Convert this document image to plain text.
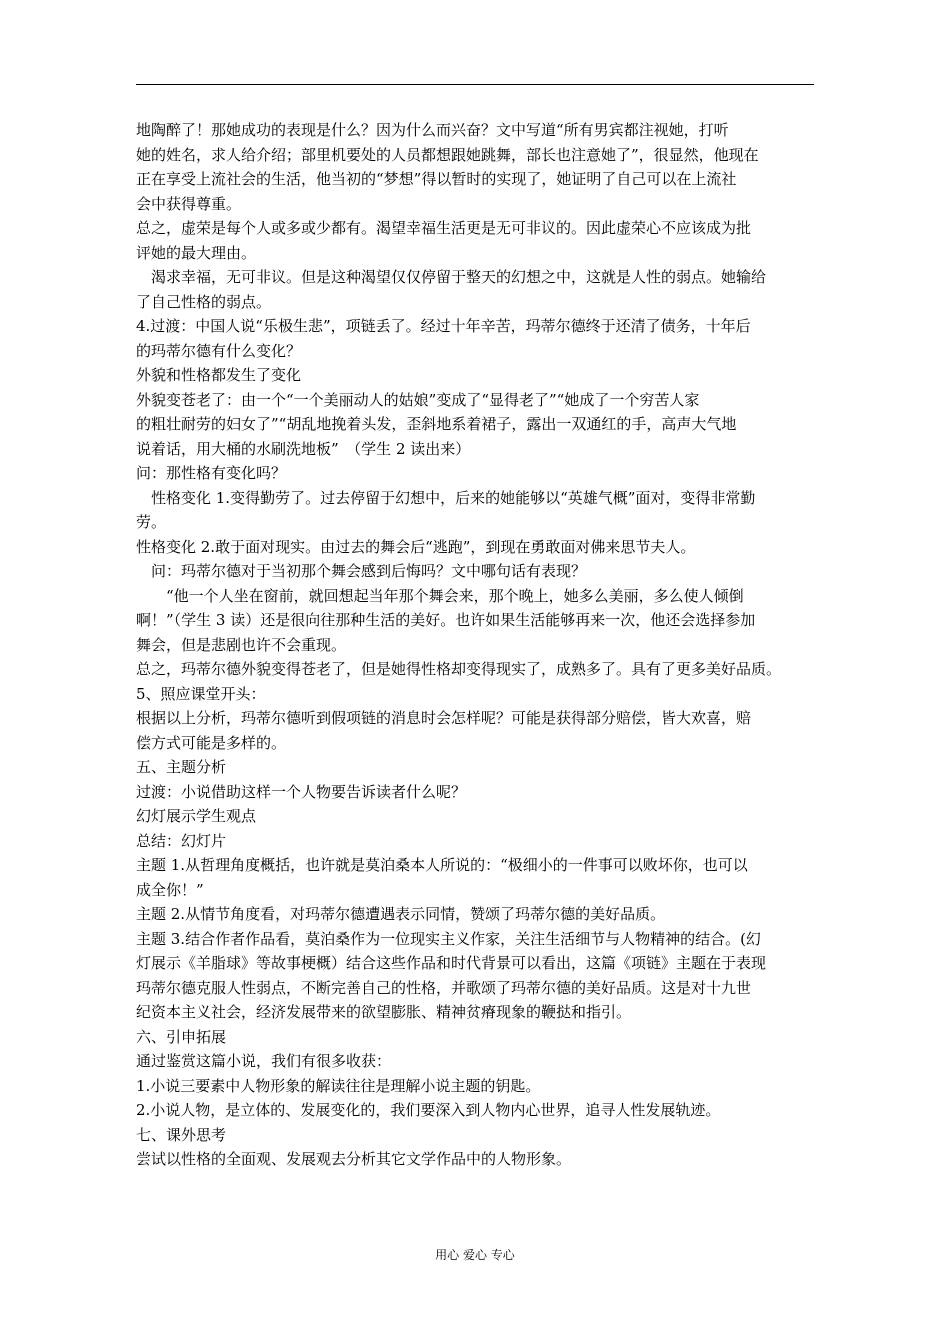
地陶醉了！那她成功的表现是什么？因为什么而兴奋？文中写道“所有男宾都注视她，打听
她的姓名，求人给介绍；部里机要处的人员都想跟她跳舞，部长也注意她了”，很显然，他现在
正在享受上流社会的生活，他当初的“梦想”得以暂时的实现了，她证明了自己可以在上流社
会中获得尊重。
总之，虚荣是每个人或多或少都有。渴望幸福生活更是无可非议的。因此虚荣心不应该成为批
评她的最大理由。
　渴求幸福，无可非议。但是这种渴望仅仅停留于整天的幻想之中，这就是人性的弱点。她输给
了自己性格的弱点。
4.过渡：中国人说“乐极生悲”，项链丢了。经过十年辛苦，玛蒂尔德终于还清了债务，十年后
的玛蒂尔德有什么变化？
外貌和性格都发生了变化
外貌变苍老了：由一个“一个美丽动人的姑娘”变成了“显得老了”“她成了一个穷苦人家
的粗壮耐劳的妇女了”“胡乱地挽着头发，歪斜地系着裙子，露出一双通红的手，高声大气地
说着话，用大桶的水刷洗地板”　（学生 2 读出来）
问：那性格有变化吗？
　性格变化 1.变得勤劳了。过去停留于幻想中，后来的她能够以“英雄气概”面对，变得非常勤
劳。
性格变化 2.敢于面对现实。由过去的舞会后“逃跑”，到现在勇敢面对佛来思节夫人。
　问：玛蒂尔德对于当初那个舞会感到后悔吗？文中哪句话有表现？
　　“他一个人坐在窗前，就回想起当年那个舞会来，那个晚上，她多么美丽，多么使人倾倒
啊！”（学生 3 读）还是很向往那种生活的美好。也许如果生活能够再来一次，他还会选择参加
舞会，但是悲剧也许不会重现。
总之，玛蒂尔德外貌变得苍老了，但是她得性格却变得现实了，成熟多了。具有了更多美好品质。
5、照应课堂开头：
根据以上分析，玛蒂尔德听到假项链的消息时会怎样呢？可能是获得部分赔偿，皆大欢喜，赔
偿方式可能是多样的。
五、主题分析
过渡：小说借助这样一个人物要告诉读者什么呢？
幻灯展示学生观点
总结：幻灯片
主题 1.从哲理角度概括，也许就是莫泊桑本人所说的：“极细小的一件事可以败坏你，也可以
成全你！”
主题 2.从情节角度看，对玛蒂尔德遭遇表示同情，赞颂了玛蒂尔德的美好品质。
主题 3.结合作者作品看，莫泊桑作为一位现实主义作家，关注生活细节与人物精神的结合。(幻
灯展示《羊脂球》等故事梗概）结合这些作品和时代背景可以看出，这篇《项链》主题在于表现
玛蒂尔德克服人性弱点，不断完善自己的性格，并歌颂了玛蒂尔德的美好品质。这是对十九世
纪资本主义社会，经济发展带来的欲望膨胀、精神贫瘠现象的鞭挞和指引。
六、引申拓展
通过鉴赏这篇小说，我们有很多收获：
1.小说三要素中人物形象的解读往往是理解小说主题的钥匙。
2.小说人物，是立体的、发展变化的，我们要深入到人物内心世界，追寻人性发展轨迹。
七、课外思考
尝试以性格的全面观、发展观去分析其它文学作品中的人物形象。
用心 爱心 专心
